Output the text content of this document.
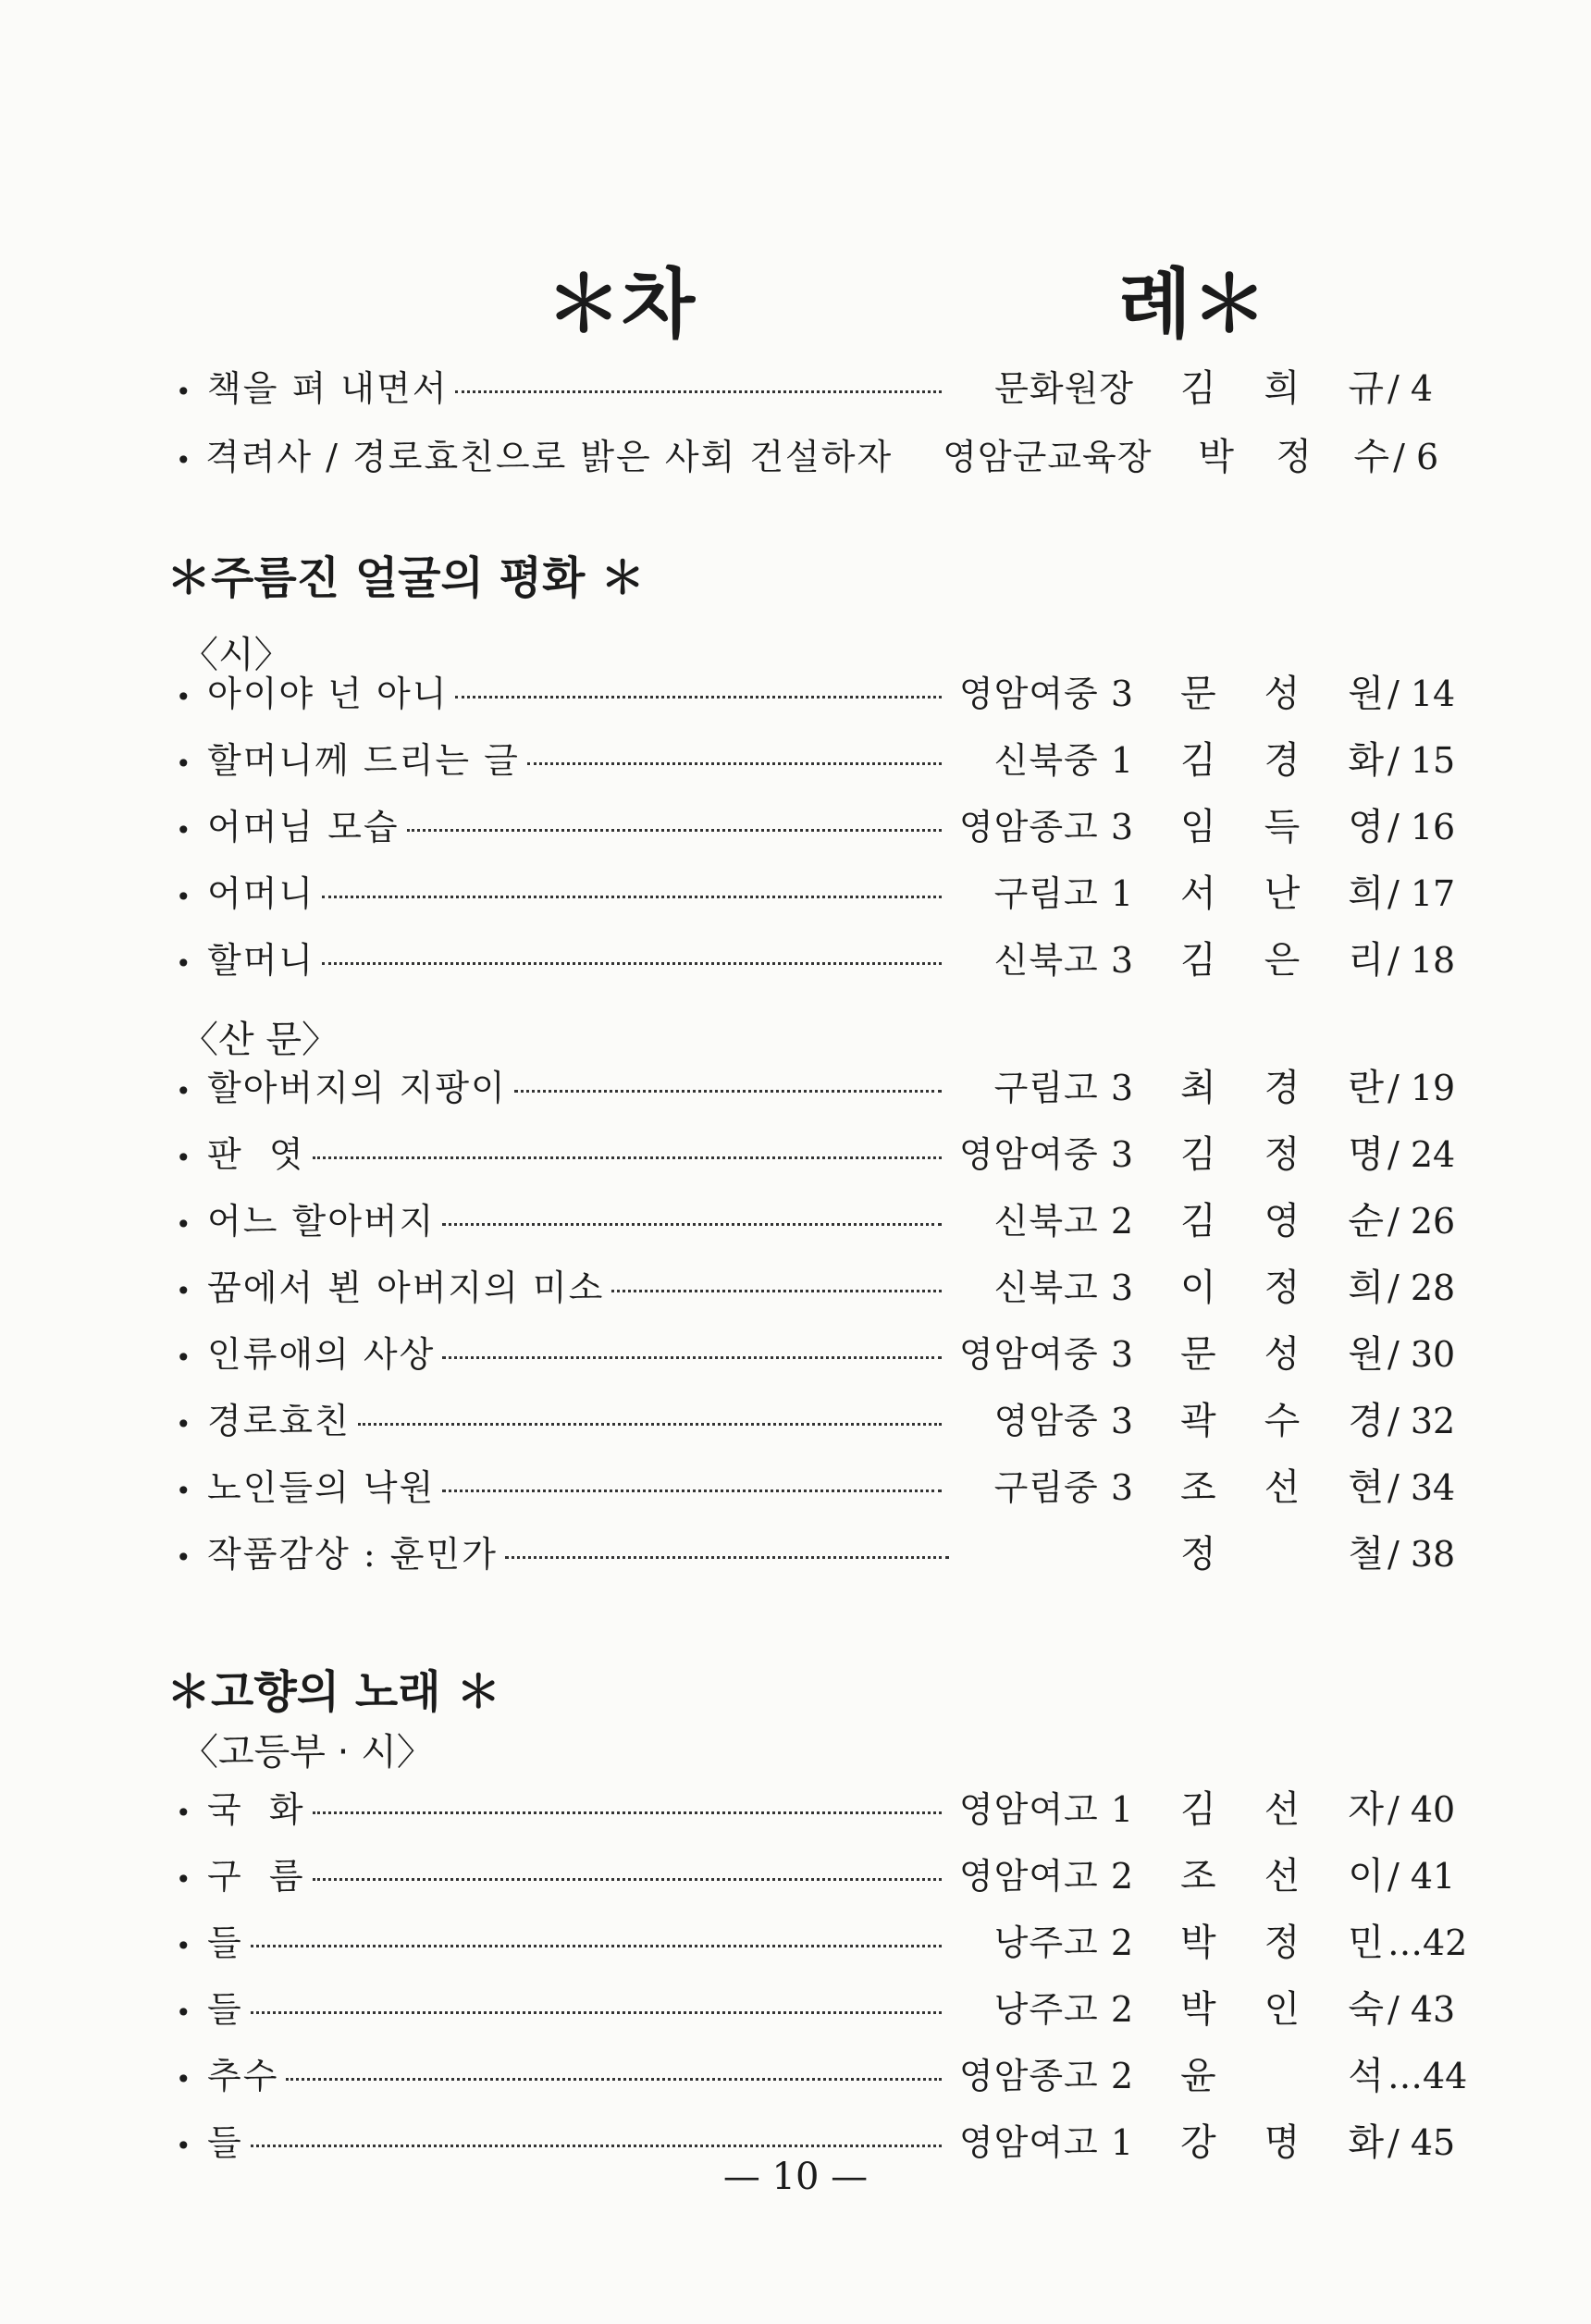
＊차	례＊
• 책을 펴 내면서	문화원장 김 희 규 / 4
• 격려사 / 경로효친으로 밝은 사회 건설하자	영암군교육장 박 정 수 / 6
＊주름진 얼굴의 평화 ＊
〈시〉
• 아이야 넌 아니	영암여중 3 문 성 원 / 14
• 할머니께 드리는 글	신북중 1 김 경 화 / 15
• 어머님 모습	영암종고 3 임 득 영 / 16
• 어머니	구림고 1 서 난 희 / 17
• 할머니	신북고 3 김 은 리 / 18
〈산 문〉
• 할아버지의 지팡이	구림고 3 최 경 란 / 19
• 판  엿	영암여중 3 김 정 명 / 24
• 어느 할아버지	신북고 2 김 영 순 / 26
• 꿈에서 뵌 아버지의 미소	신북고 3 이 정 희 / 28
• 인류애의 사상	영암여중 3 문 성 원 / 30
• 경로효친	영암중 3 곽 수 경 / 32
• 노인들의 낙원	구림중 3 조 선 현 / 34
• 작품감상 : 훈민가	정	철 / 38
＊고향의 노래 ＊
〈고등부 · 시〉
• 국  화	영암여고 1 김 선 자 / 40
• 구  름	영암여고 2 조 선 이 / 41
• 들	낭주고 2 박 정 민 …42
• 들	낭주고 2 박 인 숙 / 43
• 추수	영암종고 2 윤	석 …44
• 들	영암여고 1 강 명 화 / 45
— 10 —
